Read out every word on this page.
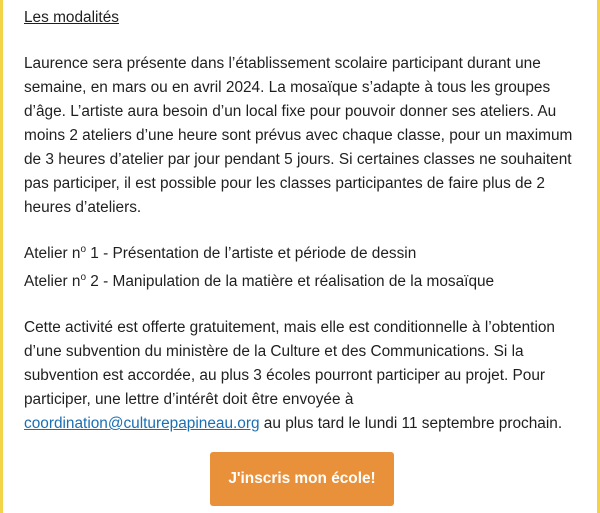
Les modalités

Laurence sera présente dans l’établissement scolaire participant durant une semaine, en mars ou en avril 2024. La mosaïque s’adapte à tous les groupes d’âge. L’artiste aura besoin d’un local fixe pour pouvoir donner ses ateliers. Au moins 2 ateliers d’une heure sont prévus avec chaque classe, pour un maximum de 3 heures d’atelier par jour pendant 5 jours. Si certaines classes ne souhaitent pas participer, il est possible pour les classes participantes de faire plus de 2 heures d’ateliers.

Atelier $n^o$ 1 - Présentation de l’artiste et période de dessin
Atelier $n^o$ 2 - Manipulation de la matière et réalisation de la mosaïque

Cette activité est offerte gratuitement, mais elle est conditionnelle à l’obtention d’une subvention du ministère de la Culture et des Communications. Si la subvention est accordée, au plus 3 écoles pourront participer au projet. Pour participer, une lettre d’intérêt doit être envoyée à coordination@culturepapineau.org au plus tard le lundi 11 septembre prochain.

J'inscris mon école!
